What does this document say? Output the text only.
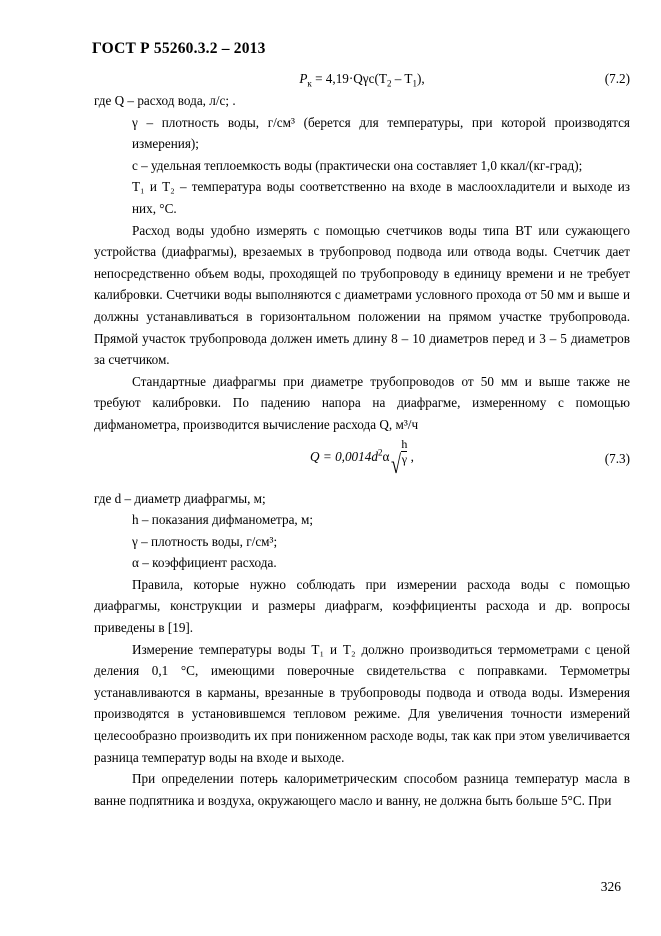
ГОСТ Р 55260.3.2 – 2013
$P_к = 4,19\cdot Q\gamma c(T_2 - T_1)$,	(7.2)

где Q – расход вода, л/с; .

γ – плотность воды, г/см³ (берется для температуры, при которой производятся измерения);

c – удельная теплоемкость воды (практически она составляет 1,0 ккал/(кг-град);

T₁ и T₂ – температура воды соответственно на входе в маслоохладители и выходе из них, °С.

Расход воды удобно измерять с помощью счетчиков воды типа ВТ или сужающего устройства (диафрагмы), врезаемых в трубопровод подвода или отвода воды. Счетчик дает непосредственно объем воды, проходящей по трубопроводу в единицу времени и не требует калибровки. Счетчики воды выполняются с диаметрами условного прохода от 50 мм и выше и должны устанавливаться в горизонтальном положении на прямом участке трубопровода. Прямой участок трубопровода должен иметь длину 8 – 10 диаметров перед и 3 – 5 диаметров за счетчиком.

Стандартные диафрагмы при диаметре трубопроводов от 50 мм и выше также не требуют калибровки. По падению напора на диафрагме, измеренному с помощью дифманометра, производится вычисление расхода Q, м³/ч

$Q = 0,0014d^2\alpha$ √
h
γ ,	(7.3)

где d – диаметр диафрагмы, м;

h – показания дифманометра, м;

γ – плотность воды, г/см³;

α – коэффициент расхода.

Правила, которые нужно соблюдать при измерении расхода воды с помощью диафрагмы, конструкции и размеры диафрагм, коэффициенты расхода и др. вопросы приведены в [19].

Измерение температуры воды T₁ и T₂ должно производиться термометрами с ценой деления 0,1 °С, имеющими поверочные свидетельства с поправками. Термометры устанавливаются в карманы, врезанные в трубопроводы подвода и отвода воды. Измерения производятся в установившемся тепловом режиме. Для увеличения точности измерений целесообразно производить их при пониженном расходе воды, так как при этом увеличивается разница температур воды на входе и выходе.

При определении потерь калориметрическим способом разница температур масла в ванне подпятника и воздуха, окружающего масло и ванну, не должна быть больше 5°С. При

326
